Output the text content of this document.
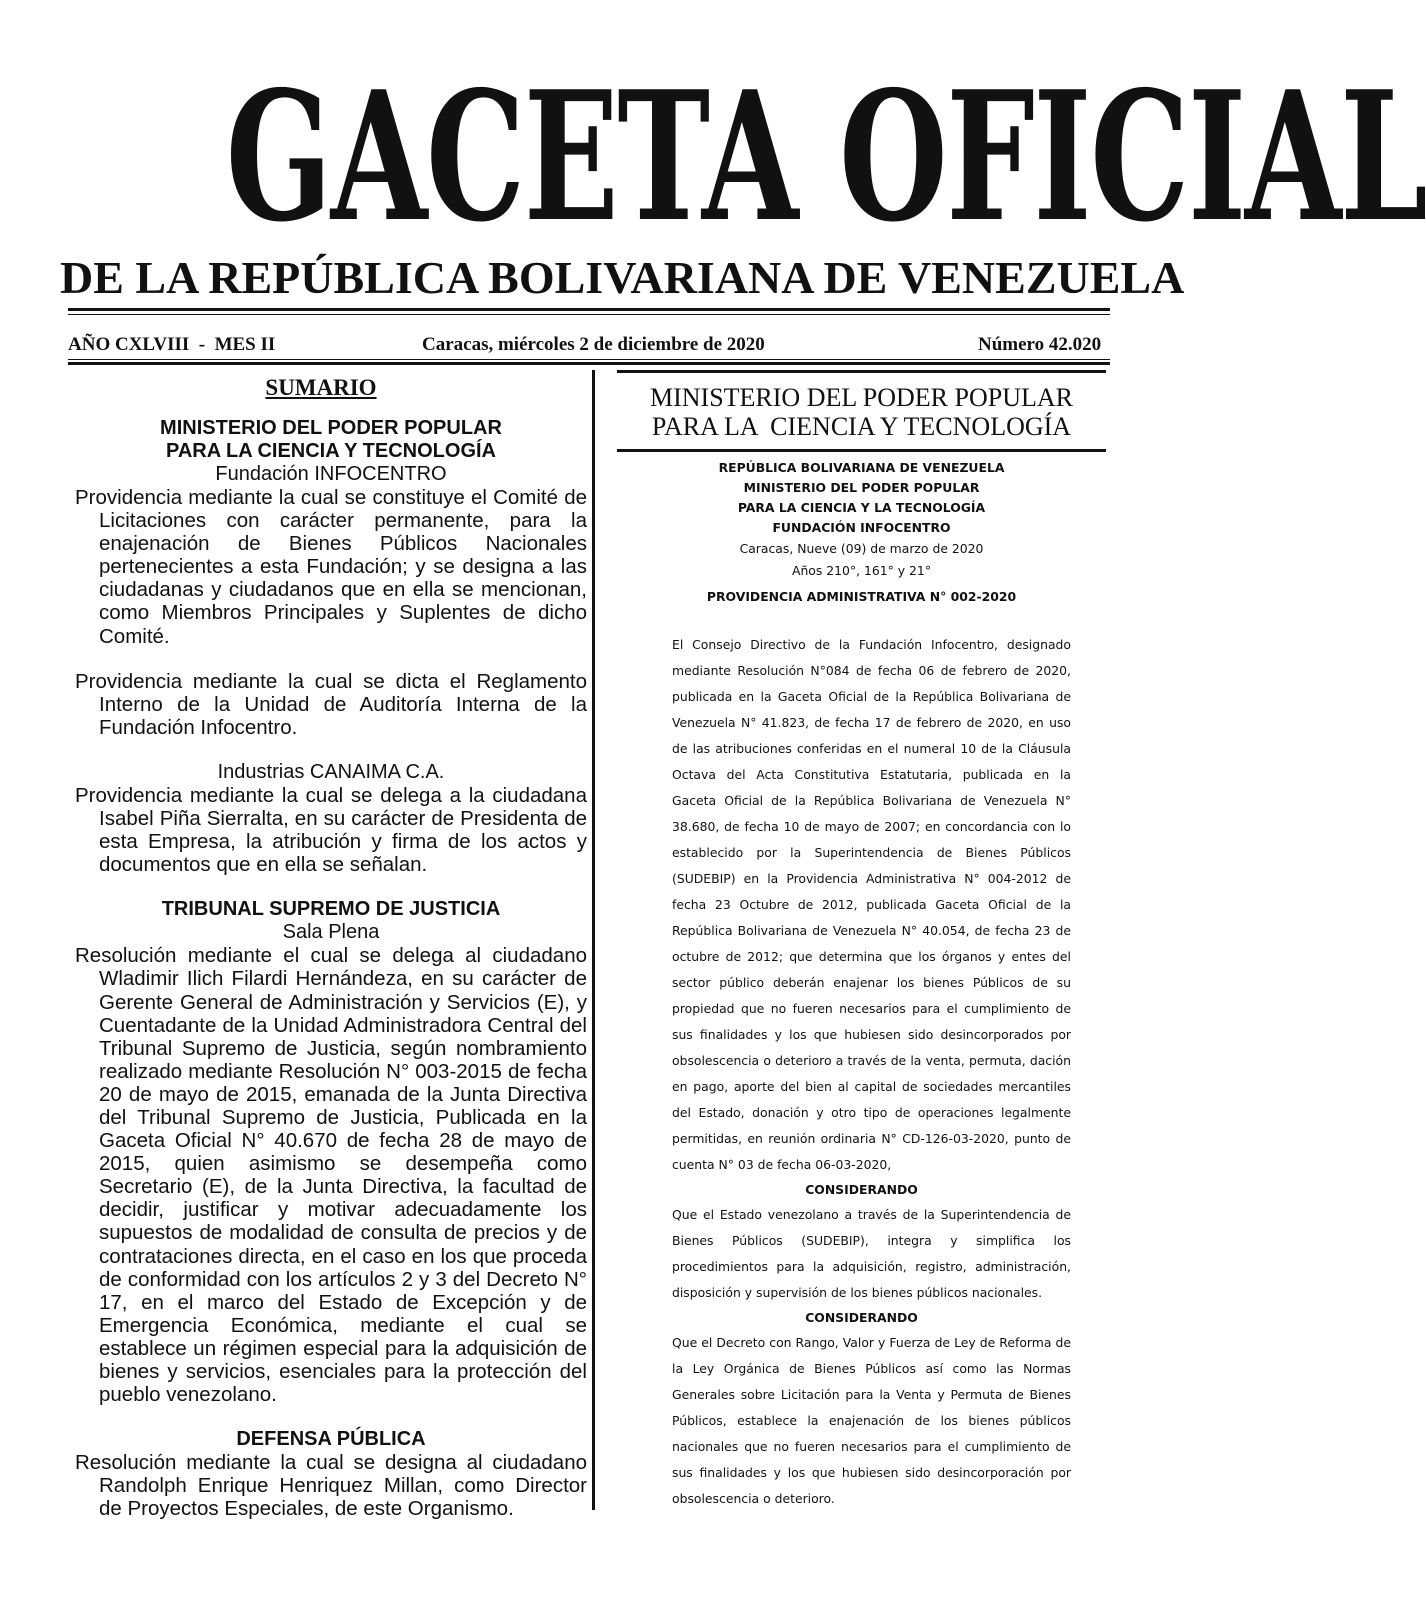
GACETA OFICIAL
DE LA REPÚBLICA BOLIVARIANA DE VENEZUELA
AÑO CXLVIII  -  MES II	Caracas, miércoles 2 de diciembre de 2020	Número 42.020
SUMARIO
MINISTERIO DEL PODER POPULAR
PARA LA CIENCIA Y TECNOLOGÍA
Fundación INFOCENTRO
Providencia mediante la cual se constituye el Comité de Licitaciones con carácter permanente, para la enajenación de Bienes Públicos Nacionales pertenecientes a esta Fundación; y se designa a las ciudadanas y ciudadanos que en ella se mencionan, como Miembros Principales y Suplentes de dicho Comité.
Providencia mediante la cual se dicta el Reglamento Interno de la Unidad de Auditoría Interna de la Fundación Infocentro.
Industrias CANAIMA C.A.
Providencia mediante la cual se delega a la ciudadana Isabel Piña Sierralta, en su carácter de Presidenta de esta Empresa, la atribución y firma de los actos y documentos que en ella se señalan.
TRIBUNAL SUPREMO DE JUSTICIA
Sala Plena
Resolución mediante el cual se delega al ciudadano Wladimir Ilich Filardi Hernándeza, en su carácter de Gerente General de Administración y Servicios (E), y Cuentadante de la Unidad Administradora Central del Tribunal Supremo de Justicia, según nombramiento realizado mediante Resolución N° 003-2015 de fecha 20 de mayo de 2015, emanada de la Junta Directiva del Tribunal Supremo de Justicia, Publicada en la Gaceta Oficial N° 40.670 de fecha 28 de mayo de 2015, quien asimismo se desempeña como Secretario (E), de la Junta Directiva, la facultad de decidir, justificar y motivar adecuadamente los supuestos de modalidad de consulta de precios y de contrataciones directa, en el caso en los que proceda de conformidad con los artículos 2 y 3 del Decreto N° 17, en el marco del Estado de Excepción y de Emergencia Económica, mediante el cual se establece un régimen especial para la adquisición de bienes y servicios, esenciales para la protección del pueblo venezolano.
DEFENSA PÚBLICA
Resolución mediante la cual se designa al ciudadano Randolph Enrique Henriquez Millan, como Director de Proyectos Especiales, de este Organismo.
MINISTERIO DEL PODER POPULAR
PARA LA  CIENCIA Y TECNOLOGÍA
REPÚBLICA BOLIVARIANA DE VENEZUELA
MINISTERIO DEL PODER POPULAR
PARA LA CIENCIA Y LA TECNOLOGÍA
FUNDACIÓN INFOCENTRO
Caracas, Nueve (09) de marzo de 2020
Años 210°, 161° y 21°
PROVIDENCIA ADMINISTRATIVA N° 002-2020
El Consejo Directivo de la Fundación Infocentro, designado mediante Resolución N°084 de fecha 06 de febrero de 2020, publicada en la Gaceta Oficial de la República Bolivariana de Venezuela N° 41.823, de fecha 17 de febrero de 2020, en uso de las atribuciones conferidas en el numeral 10 de la Cláusula Octava del Acta Constitutiva Estatutaria, publicada en la Gaceta Oficial de la República Bolivariana de Venezuela N° 38.680, de fecha 10 de mayo de 2007; en concordancia con lo establecido por la Superintendencia de Bienes Públicos (SUDEBIP) en la Providencia Administrativa N° 004-2012 de fecha 23 Octubre de 2012, publicada Gaceta Oficial de la República Bolivariana de Venezuela N° 40.054, de fecha 23 de octubre de 2012; que determina que los órganos y entes del sector público deberán enajenar los bienes Públicos de su propiedad que no fueren necesarios para el cumplimiento de sus finalidades y los que hubiesen sido desincorporados por obsolescencia o deterioro a través de la venta, permuta, dación en pago, aporte del bien al capital de sociedades mercantiles del Estado, donación y otro tipo de operaciones legalmente permitidas, en reunión ordinaria N° CD-126-03-2020, punto de cuenta N° 03 de fecha 06-03-2020,
CONSIDERANDO
Que el Estado venezolano a través de la Superintendencia de Bienes Públicos (SUDEBIP), integra y simplifica los procedimientos para la adquisición, registro, administración, disposición y supervisión de los bienes públicos nacionales.
CONSIDERANDO
Que el Decreto con Rango, Valor y Fuerza de Ley de Reforma de la Ley Orgánica de Bienes Públicos así como las Normas Generales sobre Licitación para la Venta y Permuta de Bienes Públicos, establece la enajenación de los bienes públicos nacionales que no fueren necesarios para el cumplimiento de sus finalidades y los que hubiesen sido desincorporación por obsolescencia o deterioro.
